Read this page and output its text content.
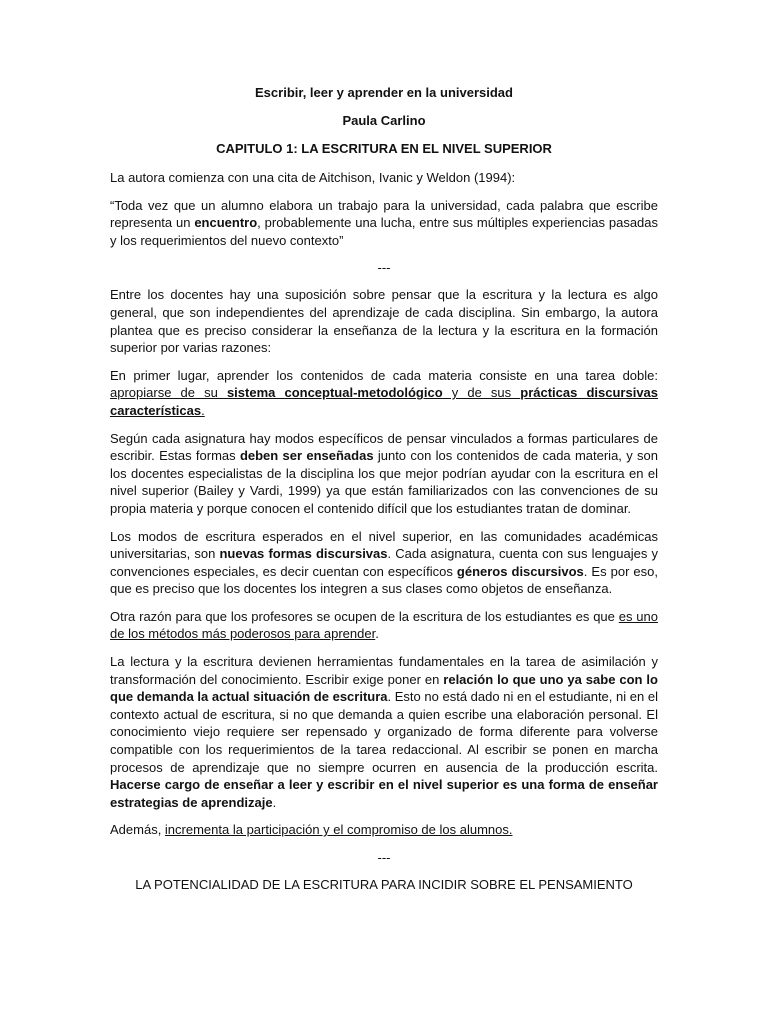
Escribir, leer y aprender en la universidad
Paula Carlino
CAPITULO 1: LA ESCRITURA EN EL NIVEL SUPERIOR

La autora comienza con una cita de Aitchison, Ivanic y Weldon (1994):

“Toda vez que un alumno elabora un trabajo para la universidad, cada palabra que escribe representa un encuentro, probablemente una lucha, entre sus múltiples experiencias pasadas y los requerimientos del nuevo contexto”

---

Entre los docentes hay una suposición sobre pensar que la escritura y la lectura es algo general, que son independientes del aprendizaje de cada disciplina. Sin embargo, la autora plantea que es preciso considerar la enseñanza de la lectura y la escritura en la formación superior por varias razones:

En primer lugar, aprender los contenidos de cada materia consiste en una tarea doble: apropiarse de su sistema conceptual-metodológico y de sus prácticas discursivas características.

Según cada asignatura hay modos específicos de pensar vinculados a formas particulares de escribir. Estas formas deben ser enseñadas junto con los contenidos de cada materia, y son los docentes especialistas de la disciplina los que mejor podrían ayudar con la escritura en el nivel superior (Bailey y Vardi, 1999) ya que están familiarizados con las convenciones de su propia materia y porque conocen el contenido difícil que los estudiantes tratan de dominar.

Los modos de escritura esperados en el nivel superior, en las comunidades académicas universitarias, son nuevas formas discursivas. Cada asignatura, cuenta con sus lenguajes y convenciones especiales, es decir cuentan con específicos géneros discursivos. Es por eso, que es preciso que los docentes los integren a sus clases como objetos de enseñanza.

Otra razón para que los profesores se ocupen de la escritura de los estudiantes es que es uno de los métodos más poderosos para aprender.

La lectura y la escritura devienen herramientas fundamentales en la tarea de asimilación y transformación del conocimiento. Escribir exige poner en relación lo que uno ya sabe con lo que demanda la actual situación de escritura. Esto no está dado ni en el estudiante, ni en el contexto actual de escritura, si no que demanda a quien escribe una elaboración personal. El conocimiento viejo requiere ser repensado y organizado de forma diferente para volverse compatible con los requerimientos de la tarea redaccional. Al escribir se ponen en marcha procesos de aprendizaje que no siempre ocurren en ausencia de la producción escrita. Hacerse cargo de enseñar a leer y escribir en el nivel superior es una forma de enseñar estrategias de aprendizaje.

Además, incrementa la participación y el compromiso de los alumnos.

---
LA POTENCIALIDAD DE LA ESCRITURA PARA INCIDIR SOBRE EL PENSAMIENTO
